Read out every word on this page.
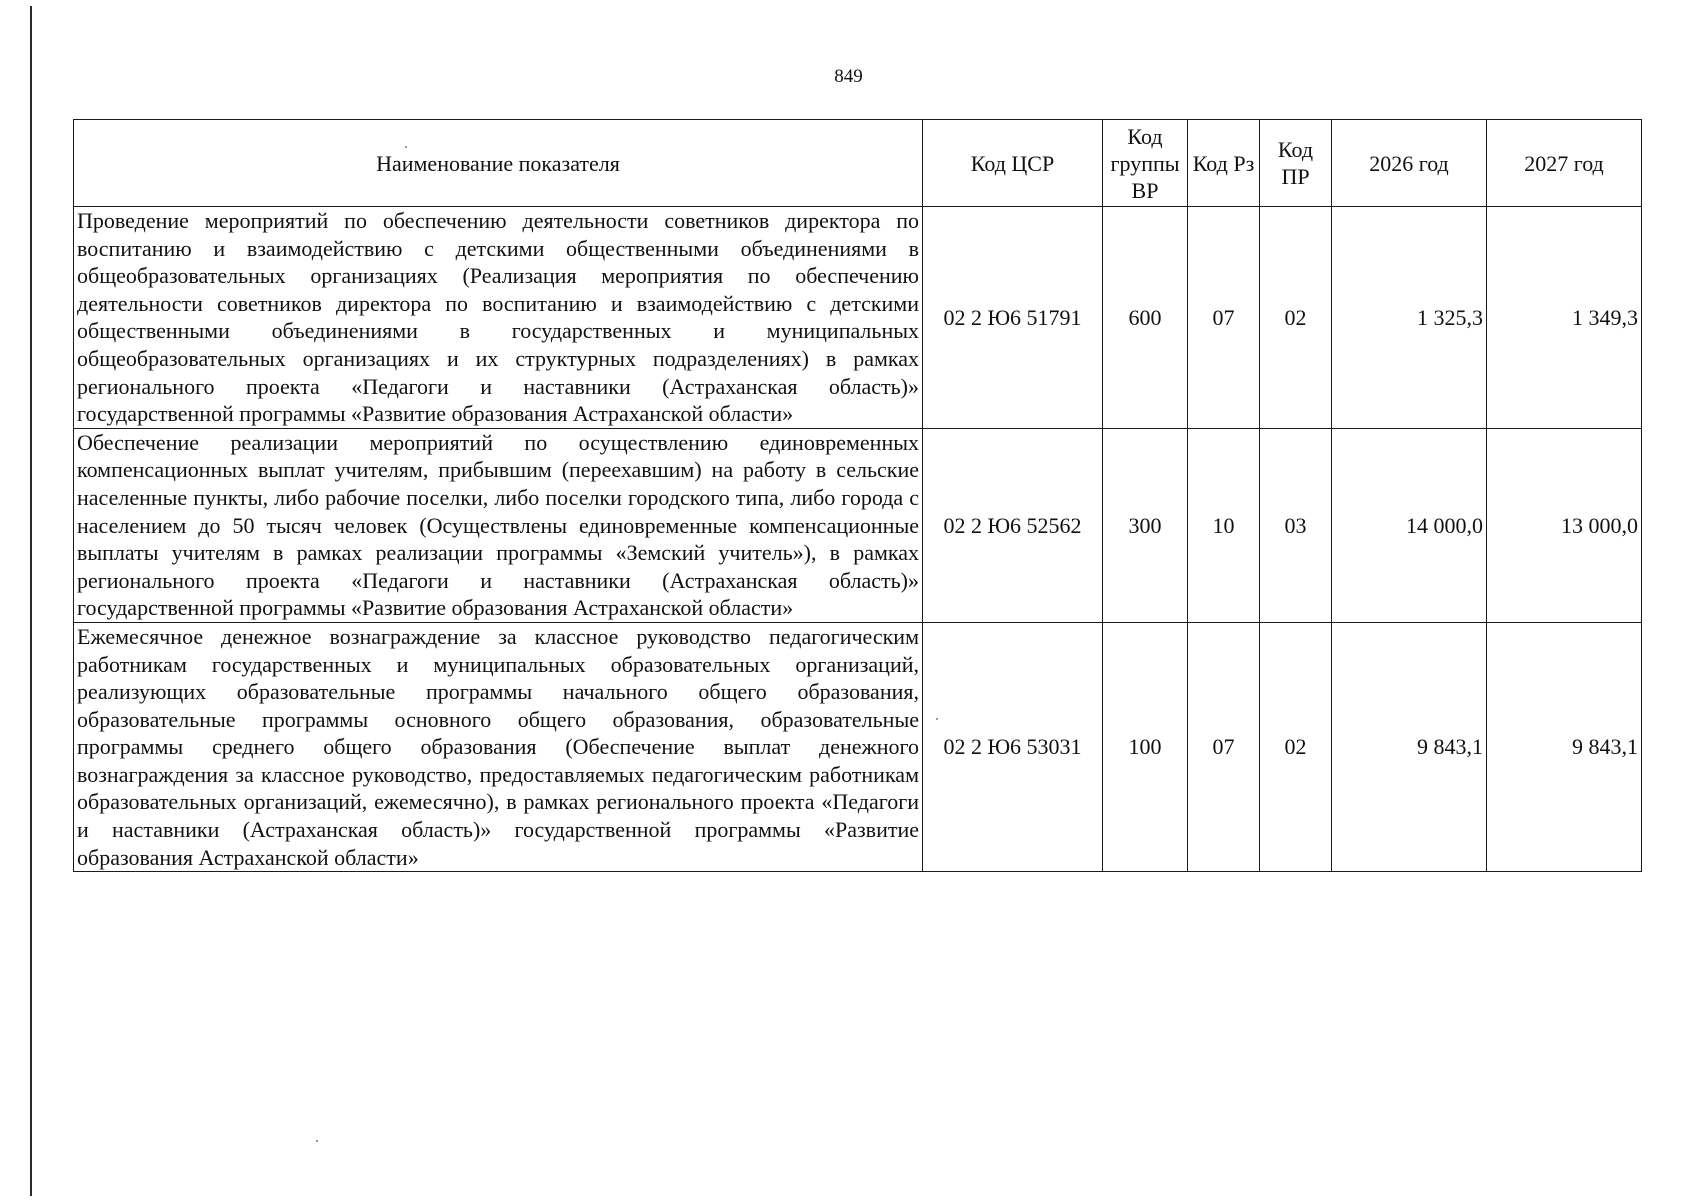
849
Наименование показателя	Код ЦСР	Код группы ВР	Код Рз	Код ПР	2026 год	2027 год
Проведение мероприятий по обеспечению деятельности советников директора по воспитанию и взаимодействию с детскими общественными объединениями в общеобразовательных организациях (Реализация мероприятия по обеспечению деятельности советников директора по воспитанию и взаимодействию с детскими общественными объединениями в государственных и муниципальных общеобразовательных организациях и их структурных подразделениях) в рамках регионального проекта «Педагоги и наставники (Астраханская область)» государственной программы «Развитие образования Астраханской области»	02 2 Ю6 51791	600	07	02	1 325,3	1 349,3
Обеспечение реализации мероприятий по осуществлению единовременных компенсационных выплат учителям, прибывшим (переехавшим) на работу в сельские населенные пункты, либо рабочие поселки, либо поселки городского типа, либо города с населением до 50 тысяч человек (Осуществлены единовременные компенсационные выплаты учителям в рамках реализации программы «Земский учитель»), в рамках регионального проекта «Педагоги и наставники (Астраханская область)» государственной программы «Развитие образования Астраханской области»	02 2 Ю6 52562	300	10	03	14 000,0	13 000,0
Ежемесячное денежное вознаграждение за классное руководство педагогическим работникам государственных и муниципальных образовательных организаций, реализующих образовательные программы начального общего образования, образовательные программы основного общего образования, образовательные программы среднего общего образования (Обеспечение выплат денежного вознаграждения за классное руководство, предоставляемых педагогическим работникам образовательных организаций, ежемесячно), в рамках регионального проекта «Педагоги и наставники (Астраханская область)» государственной программы «Развитие образования Астраханской области»	02 2 Ю6 53031	100	07	02	9 843,1	9 843,1
